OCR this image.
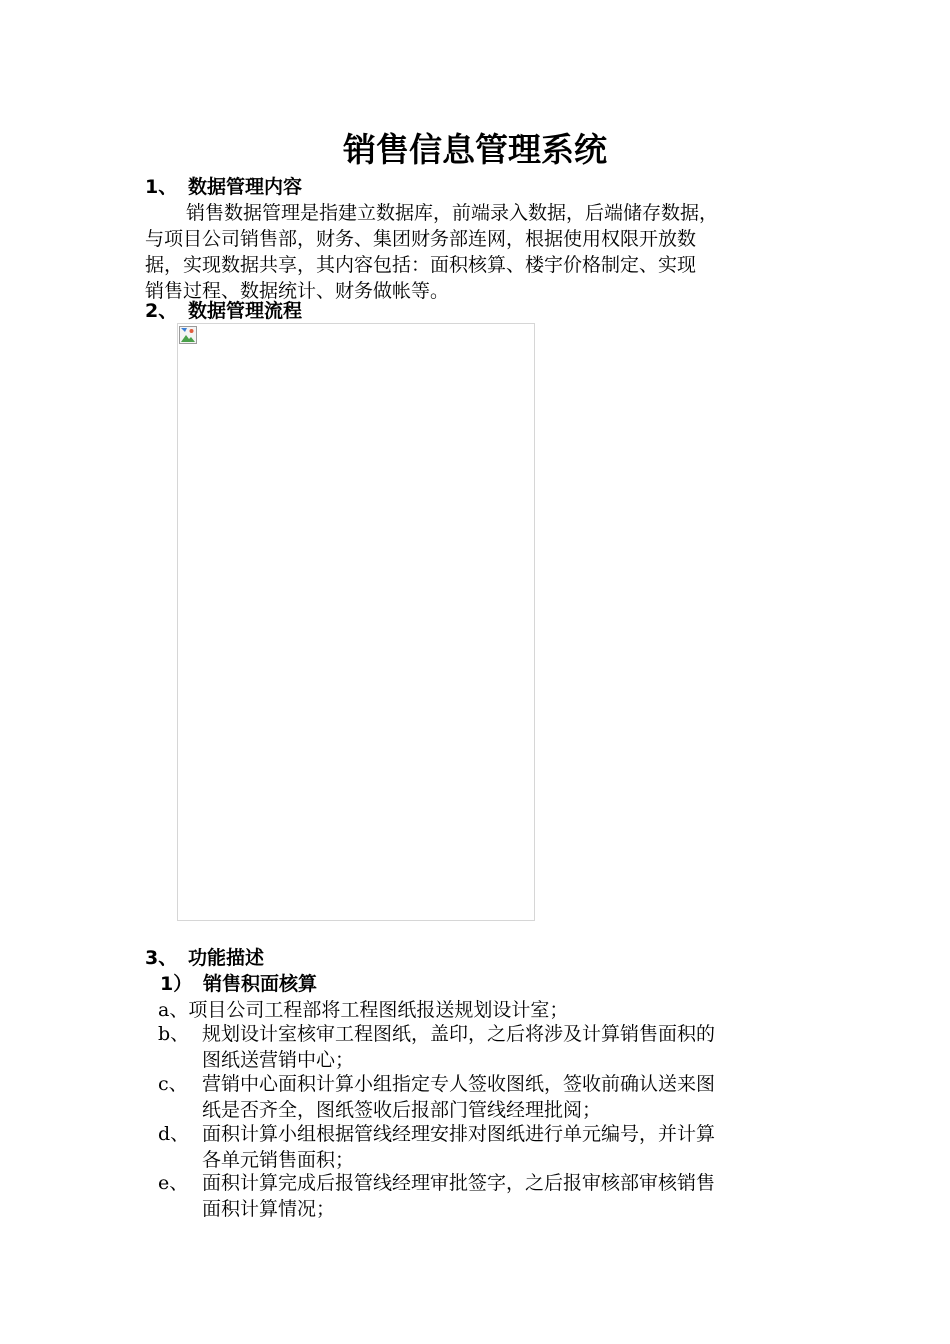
销售信息管理系统
1、 数据管理内容
销售数据管理是指建立数据库，前端录入数据，后端储存数据，
与项目公司销售部，财务、集团财务部连网，根据使用权限开放数
据，实现数据共享，其内容包括：面积核算、楼宇价格制定、实现
销售过程、数据统计、财务做帐等。
2、 数据管理流程
3、 功能描述
1） 销售积面核算
a、项目公司工程部将工程图纸报送规划设计室；
b、 规划设计室核审工程图纸，盖印，之后将涉及计算销售面积的
图纸送营销中心；
c、 营销中心面积计算小组指定专人签收图纸，签收前确认送来图
纸是否齐全，图纸签收后报部门管线经理批阅；
d、 面积计算小组根据管线经理安排对图纸进行单元编号，并计算
各单元销售面积；
e、 面积计算完成后报管线经理审批签字，之后报审核部审核销售
面积计算情况；
